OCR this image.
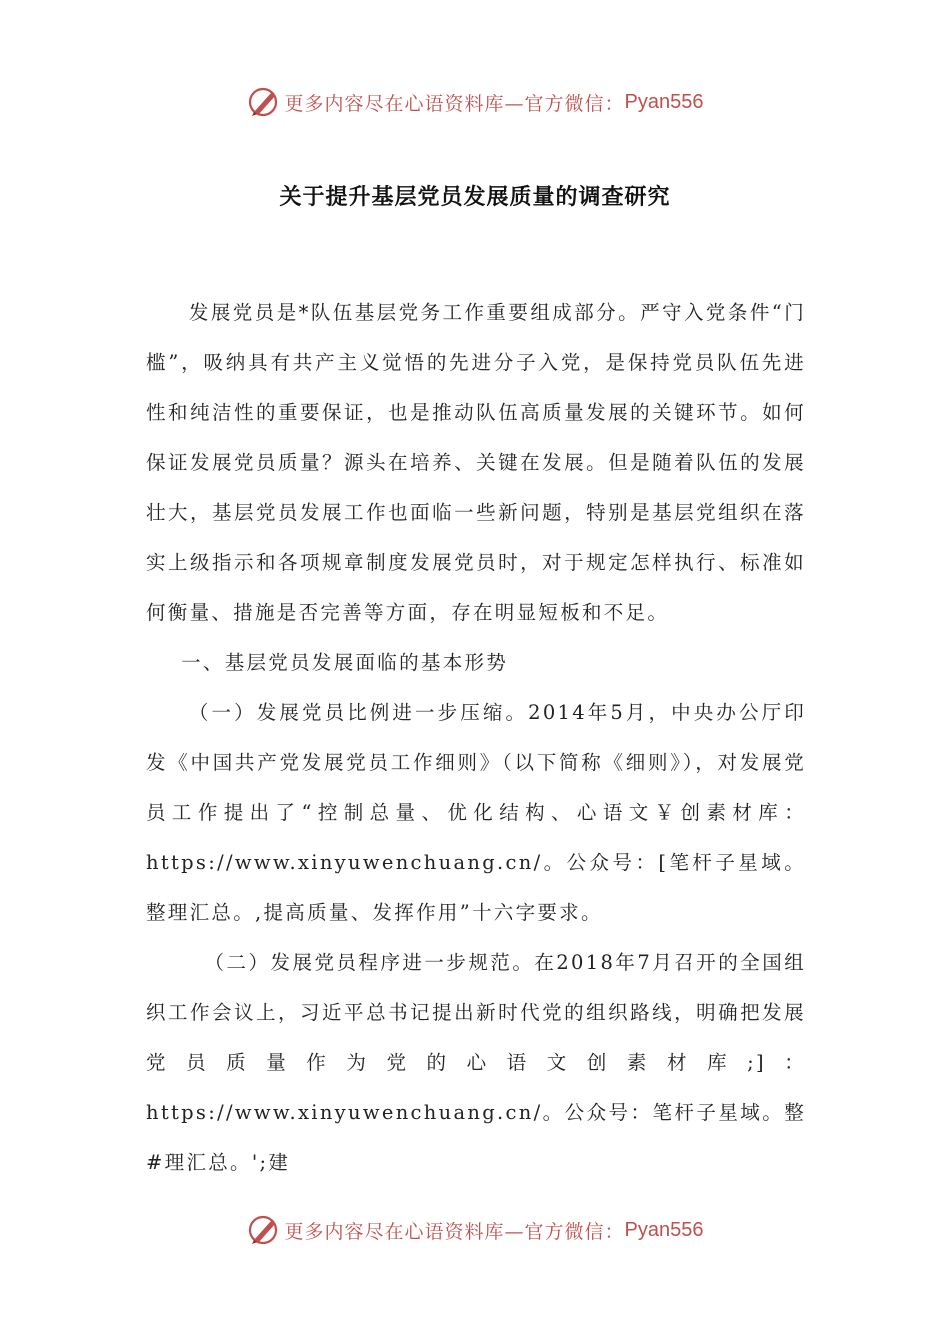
更多内容尽在心语资料库—官方微信： Pyan556
关于提升基层党员发展质量的调查研究

发展党员是*队伍基层党务工作重要组成部分。严守入党条件“门槛”，吸纳具有共产主义觉悟的先进分子入党，是保持党员队伍先进性和纯洁性的重要保证，也是推动队伍高质量发展的关键环节。如何保证发展党员质量？源头在培养、关键在发展。但是随着队伍的发展壮大，基层党员发展工作也面临一些新问题，特别是基层党组织在落实上级指示和各项规章制度发展党员时，对于规定怎样执行、标准如何衡量、措施是否完善等方面，存在明显短板和不足。

一、基层党员发展面临的基本形势

（一）发展党员比例进一步压缩。2014年5月，中央办公厅印发《中国共产党发展党员工作细则》（以下简称《细则》），对发展党员工作提出了“控制总量、优化结构、心语文￥创素材库：https://www.xinyuwenchuang.cn/。公众号：[笔杆子星域。整理汇总。,提高质量、发挥作用”十六字要求。

（二）发展党员程序进一步规范。在2018年7月召开的全国组织工作会议上，习近平总书记提出新时代党的组织路线，明确把发展党员质量作为党的心语文创素材库;]：https://www.xinyuwenchuang.cn/。公众号：笔杆子星域。整#理汇总。';建

更多内容尽在心语资料库—官方微信： Pyan556
